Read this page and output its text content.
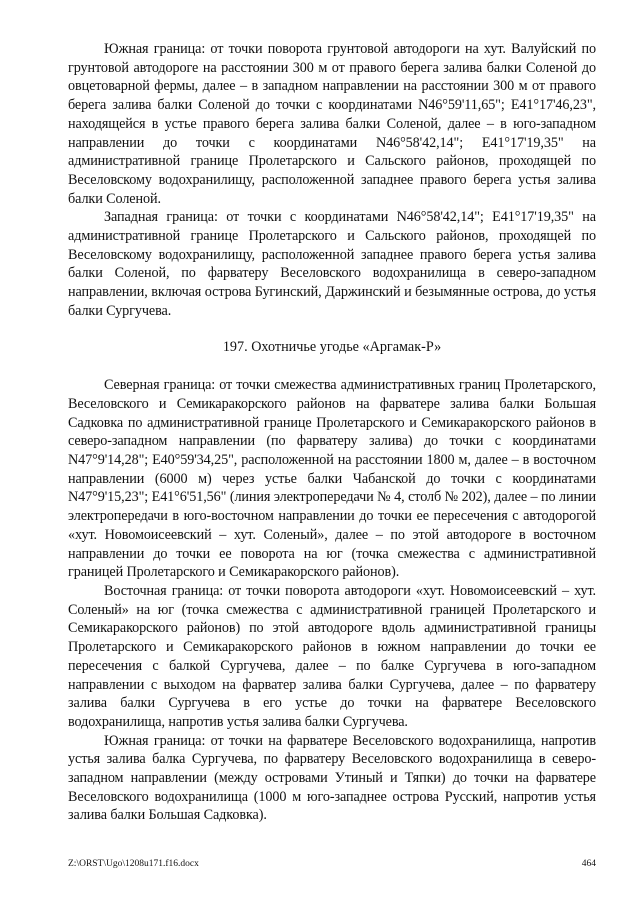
Южная граница: от точки поворота грунтовой автодороги на хут. Валуйский по грунтовой автодороге на расстоянии 300 м от правого берега залива балки Соленой до овцетоварной фермы, далее – в западном направлении на расстоянии 300 м от правого берега залива балки Соленой до точки с координатами N46°59'11,65"; E41°17'46,23", находящейся в устье правого берега залива балки Соленой, далее – в юго-западном направлении до точки с координатами N46°58'42,14"; E41°17'19,35" на административной границе Пролетарского и Сальского районов, проходящей по Веселовскому водохранилищу, расположенной западнее правого берега устья залива балки Соленой.

Западная граница: от точки с координатами N46°58'42,14"; E41°17'19,35" на административной границе Пролетарского и Сальского районов, проходящей по Веселовскому водохранилищу, расположенной западнее правого берега устья залива балки Соленой, по фарватеру Веселовского водохранилища в северо-западном направлении, включая острова Бугинский, Даржинский и безымянные острова, до устья балки Сургучева.

197. Охотничье угодье «Аргамак-Р»

Северная граница: от точки смежества административных границ Пролетарского, Веселовского и Семикаракорского районов на фарватере залива балки Большая Садковка по административной границе Пролетарского и Семикаракорского районов в северо-западном направлении (по фарватеру залива) до точки с координатами N47°9'14,28"; E40°59'34,25", расположенной на расстоянии 1800 м, далее – в восточном направлении (6000 м) через устье балки Чабанской до точки с координатами N47°9'15,23"; E41°6'51,56" (линия электропередачи № 4, столб № 202), далее – по линии электропередачи в юго-восточном направлении до точки ее пересечения с автодорогой «хут. Новомоисеевский – хут. Соленый», далее – по этой автодороге в восточном направлении до точки ее поворота на юг (точка смежества с административной границей Пролетарского и Семикаракорского районов).

Восточная граница: от точки поворота автодороги «хут. Новомоисеевский – хут. Соленый» на юг (точка смежества с административной границей Пролетарского и Семикаракорского районов) по этой автодороге вдоль административной границы Пролетарского и Семикаракорского районов в южном направлении до точки ее пересечения с балкой Сургучева, далее – по балке Сургучева в юго-западном направлении с выходом на фарватер залива балки Сургучева, далее – по фарватеру залива балки Сургучева в его устье до точки на фарватере Веселовского водохранилища, напротив устья залива балки Сургучева.

Южная граница: от точки на фарватере Веселовского водохранилища, напротив устья залива балка Сургучева, по фарватеру Веселовского водохранилища в северо-западном направлении (между островами Утиный и Тяпки) до точки на фарватере Веселовского водохранилища (1000 м юго-западнее острова Русский, напротив устья залива балки Большая Садковка).

Z:\ORST\Ugo\1208u171.f16.docx	464
